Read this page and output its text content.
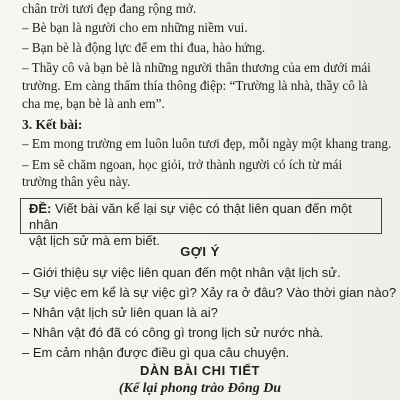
chân trời tươi đẹp đang rộng mở.
– Bè bạn là người cho em những niềm vui.
– Bạn bè là động lực để em thi đua, hào hứng.
– Thầy cô và bạn bè là những người thân thương của em dưới mái
trường. Em càng thấm thía thông điệp: “Trường là nhà, thầy cô là
cha mẹ, bạn bè là anh em”.
3. Kết bài:
– Em mong trường em luôn luôn tươi đẹp, mỗi ngày một khang trang.
– Em sẽ chăm ngoan, học giỏi, trở thành người có ích từ mái
trường thân yêu này.
ĐỀ: Viết bài văn kể lại sự việc có thật liên quan đến một nhân
vật lịch sử mà em biết.
GỢI Ý
– Giới thiệu sự việc liên quan đến một nhân vật lịch sử.
– Sự việc em kể là sự việc gì? Xảy ra ở đâu? Vào thời gian nào?
– Nhân vật lịch sử liên quan là ai?
– Nhân vật đó đã có công gì trong lịch sử nước nhà.
– Em cảm nhận được điều gì qua câu chuyện.
DÀN BÀI CHI TIẾT
(Kể lại phong trào Đông Du
